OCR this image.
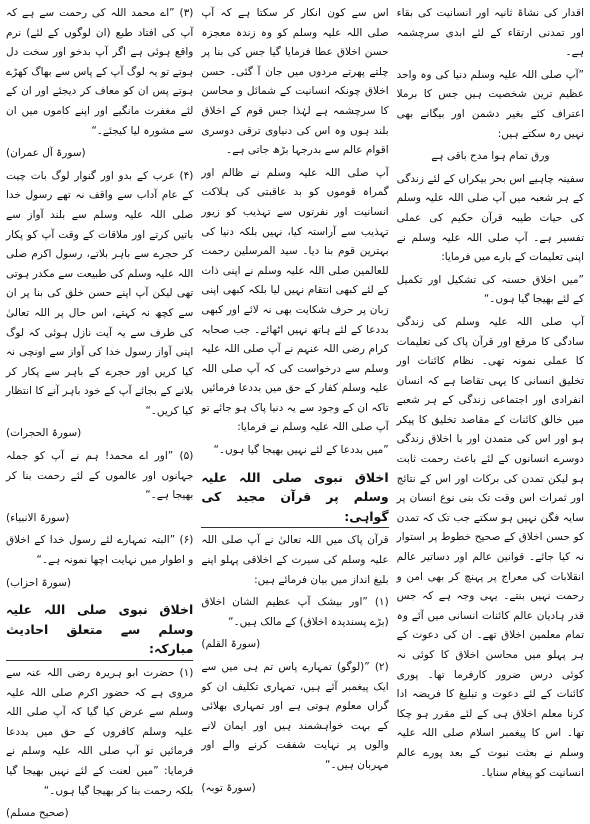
اقدار کی نشاۃ ثانیہ اور انسانیت کی بقاء اور تمدنی ارتقاء کے لئے ابدی سرچشمہ ہے۔

”آپ صلی اللہ علیہ وسلم دنیا کی وہ واحد عظیم ترین شخصیت ہیں جس کا برملا اعتراف کئے بغیر دشمن اور بیگانے بھی نہیں رہ سکتے ہیں:

ورق تمام ہوا مدح باقی ہے

سفینہ چاہیے اس بحر بیکراں کے لئے زندگی کے ہر شعبہ میں آپ صلی اللہ علیہ وسلم کی حیات طیبہ قرآن حکیم کی عملی تفسیر ہے۔ آپ صلی اللہ علیہ وسلم نے اپنی تعلیمات کے بارے میں فرمایا:

”میں اخلاق حسنہ کی تشکیل اور تکمیل کے لئے بھیجا گیا ہوں۔“

آپ صلی اللہ علیہ وسلم کی زندگی سادگی کا مرقع اور قرآن پاک کی تعلیمات کا عملی نمونہ تھی۔ نظام کائنات اور تخلیق انسانی کا یہی تقاضا ہے کہ انسان انفرادی اور اجتماعی زندگی کے ہر شعبے میں خالق کائنات کے مقاصد تخلیق کا پیکر ہو اور اس کی متمدن اور با اخلاق زندگی دوسرے انسانوں کے لئے باعث رحمت ثابت ہو لیکن تمدن کی برکات اور اس کے نتائج اور ثمرات اس وقت تک بنی نوع انسان پر سایہ فگن نہیں ہو سکتے جب تک کہ تمدن کو حسن اخلاق کے صحیح خطوط پر استوار نہ کیا جائے۔ قوانین عالم اور دساتیر عالم انقلابات کی معراج پر پہنچ کر بھی امن و رحمت نہیں بنتے۔ یہی وجہ ہے کہ جس قدر ہادیان عالم کائنات انسانی میں آئے وہ تمام معلمین اخلاق تھے۔ ان کی دعوت کے ہر پہلو میں محاسن اخلاق کا کوئی نہ کوئی درس ضرور کارفرما تھا۔ پوری کائنات کے لئے دعوت و تبلیغ کا فریضہ ادا کرنا معلم اخلاق ہی کے لئے مقرر ہو چکا تھا۔ اس کا پیغمبر اسلام صلی اللہ علیہ وسلم نے بعثت نبوت کے بعد پورے عالم انسانیت کو پیغام سنایا۔

اس سے کون انکار کر سکتا ہے کہ آپ صلی اللہ علیہ وسلم کو وہ زندہ معجزہ حسن اخلاق عطا فرمایا گیا جس کی بنا پر چلتے پھرتے مردوں میں جان آ گئی۔ حسن اخلاق چونکہ انسانیت کے شمائل و محاسن کا سرچشمہ ہے لہٰذا جس قوم کے اخلاق بلند ہوں وہ اس کی دنیاوی ترقی دوسری اقوام عالم سے بدرجہا بڑھ جاتی ہے۔

آپ صلی اللہ علیہ وسلم نے ظالم اور گمراہ قوموں کو بد عاقبتی کی ہلاکت انسانیت اور نفرتوں سے تہذیب کو زیور تہذیب سے آراستہ کیا، نہیں بلکہ دنیا کی بہترین قوم بنا دیا۔ سید المرسلین رحمت للعالمین صلی اللہ علیہ وسلم نے اپنی ذات کے لئے کبھی انتقام نہیں لیا بلکہ کبھی اپنی زبان پر حرف شکایت بھی نہ لائے اور کبھی بددعا کے لئے ہاتھ نہیں اٹھائے۔ جب صحابہ کرام رضی اللہ عنہم نے آپ صلی اللہ علیہ وسلم سے درخواست کی کہ آپ صلی اللہ علیہ وسلم کفار کے حق میں بددعا فرمائیں تاکہ ان کے وجود سے یہ دنیا پاک ہو جائے تو آپ صلی اللہ علیہ وسلم نے فرمایا:

”میں بددعا کے لئے نہیں بھیجا گیا ہوں۔“

اخلاق نبوی صلی اللہ علیہ وسلم پر قرآن مجید کی گواہی:

قرآن پاک میں اللہ تعالیٰ نے آپ صلی اللہ علیہ وسلم کی سیرت کے اخلاقی پہلو اپنے بلیغ انداز میں بیان فرمائے ہیں:

(۱) ”اور بیشک آپ عظیم الشان اخلاق (بڑے پسندیدہ اخلاق) کے مالک ہیں۔“

(سورۃ القلم)

(۲) ”(لوگو) تمہارے پاس تم ہی میں سے ایک پیغمبر آئے ہیں، تمہاری تکلیف ان کو گراں معلوم ہوتی ہے اور تمہاری بھلائی کے بہت خواہشمند ہیں اور ایمان لانے والوں پر نہایت شفقت کرنے والے اور مہربان ہیں۔“

(سورۃ توبہ)

(۳) ”اے محمد اللہ کی رحمت سے ہے کہ آپ کی افتاد طبع (ان لوگوں کے لئے) نرم واقع ہوئی ہے اگر آپ بدخو اور سخت دل ہوتے تو یہ لوگ آپ کے پاس سے بھاگ کھڑے ہوتے پس ان کو معاف کر دیجئے اور ان کے لئے مغفرت مانگیے اور اپنے کاموں میں ان سے مشورہ لیا کیجئے۔“

(سورۃ آل عمران)

(۴) عرب کے بدو اور گنوار لوگ بات چیت کے عام آداب سے واقف نہ تھے رسول خدا صلی اللہ علیہ وسلم سے بلند آواز سے باتیں کرتے اور ملاقات کے وقت آپ کو پکار کر حجرے سے باہر بلاتے، رسول اکرم صلی اللہ علیہ وسلم کی طبیعت سے مکدر ہوتی تھی لیکن آپ اپنے حسن خلق کی بنا پر ان سے کچھ نہ کہتے، اس حال پر اللہ تعالیٰ کی طرف سے یہ آیت نازل ہوئی کہ لوگ اپنی آواز رسول خدا کی آواز سے اونچی نہ کیا کریں اور حجرے کے باہر سے پکار کر بلانے کے بجائے آپ کے خود باہر آنے کا انتظار کیا کریں۔“

(سورۃ الحجرات)

(۵) ”اور اے محمد! ہم نے آپ کو جملہ جہانوں اور عالموں کے لئے رحمت بنا کر بھیجا ہے۔“

(سورۃ الانبیاء)

(۶) ”البتہ تمہارے لئے رسول خدا کے اخلاق و اطوار میں نہایت اچھا نمونہ ہے۔“

(سورۃ احزاب)

اخلاق نبوی صلی اللہ علیہ وسلم سے متعلق احادیث مبارکہ:

(۱) حضرت ابو ہریرہ رضی اللہ عنہ سے مروی ہے کہ حضور اکرم صلی اللہ علیہ وسلم سے عرض کیا گیا کہ آپ صلی اللہ علیہ وسلم کافروں کے حق میں بددعا فرمائیں تو آپ صلی اللہ علیہ وسلم نے فرمایا: ”میں لعنت کے لئے نہیں بھیجا گیا بلکہ رحمت بنا کر بھیجا گیا ہوں۔“

(صحیح مسلم)
